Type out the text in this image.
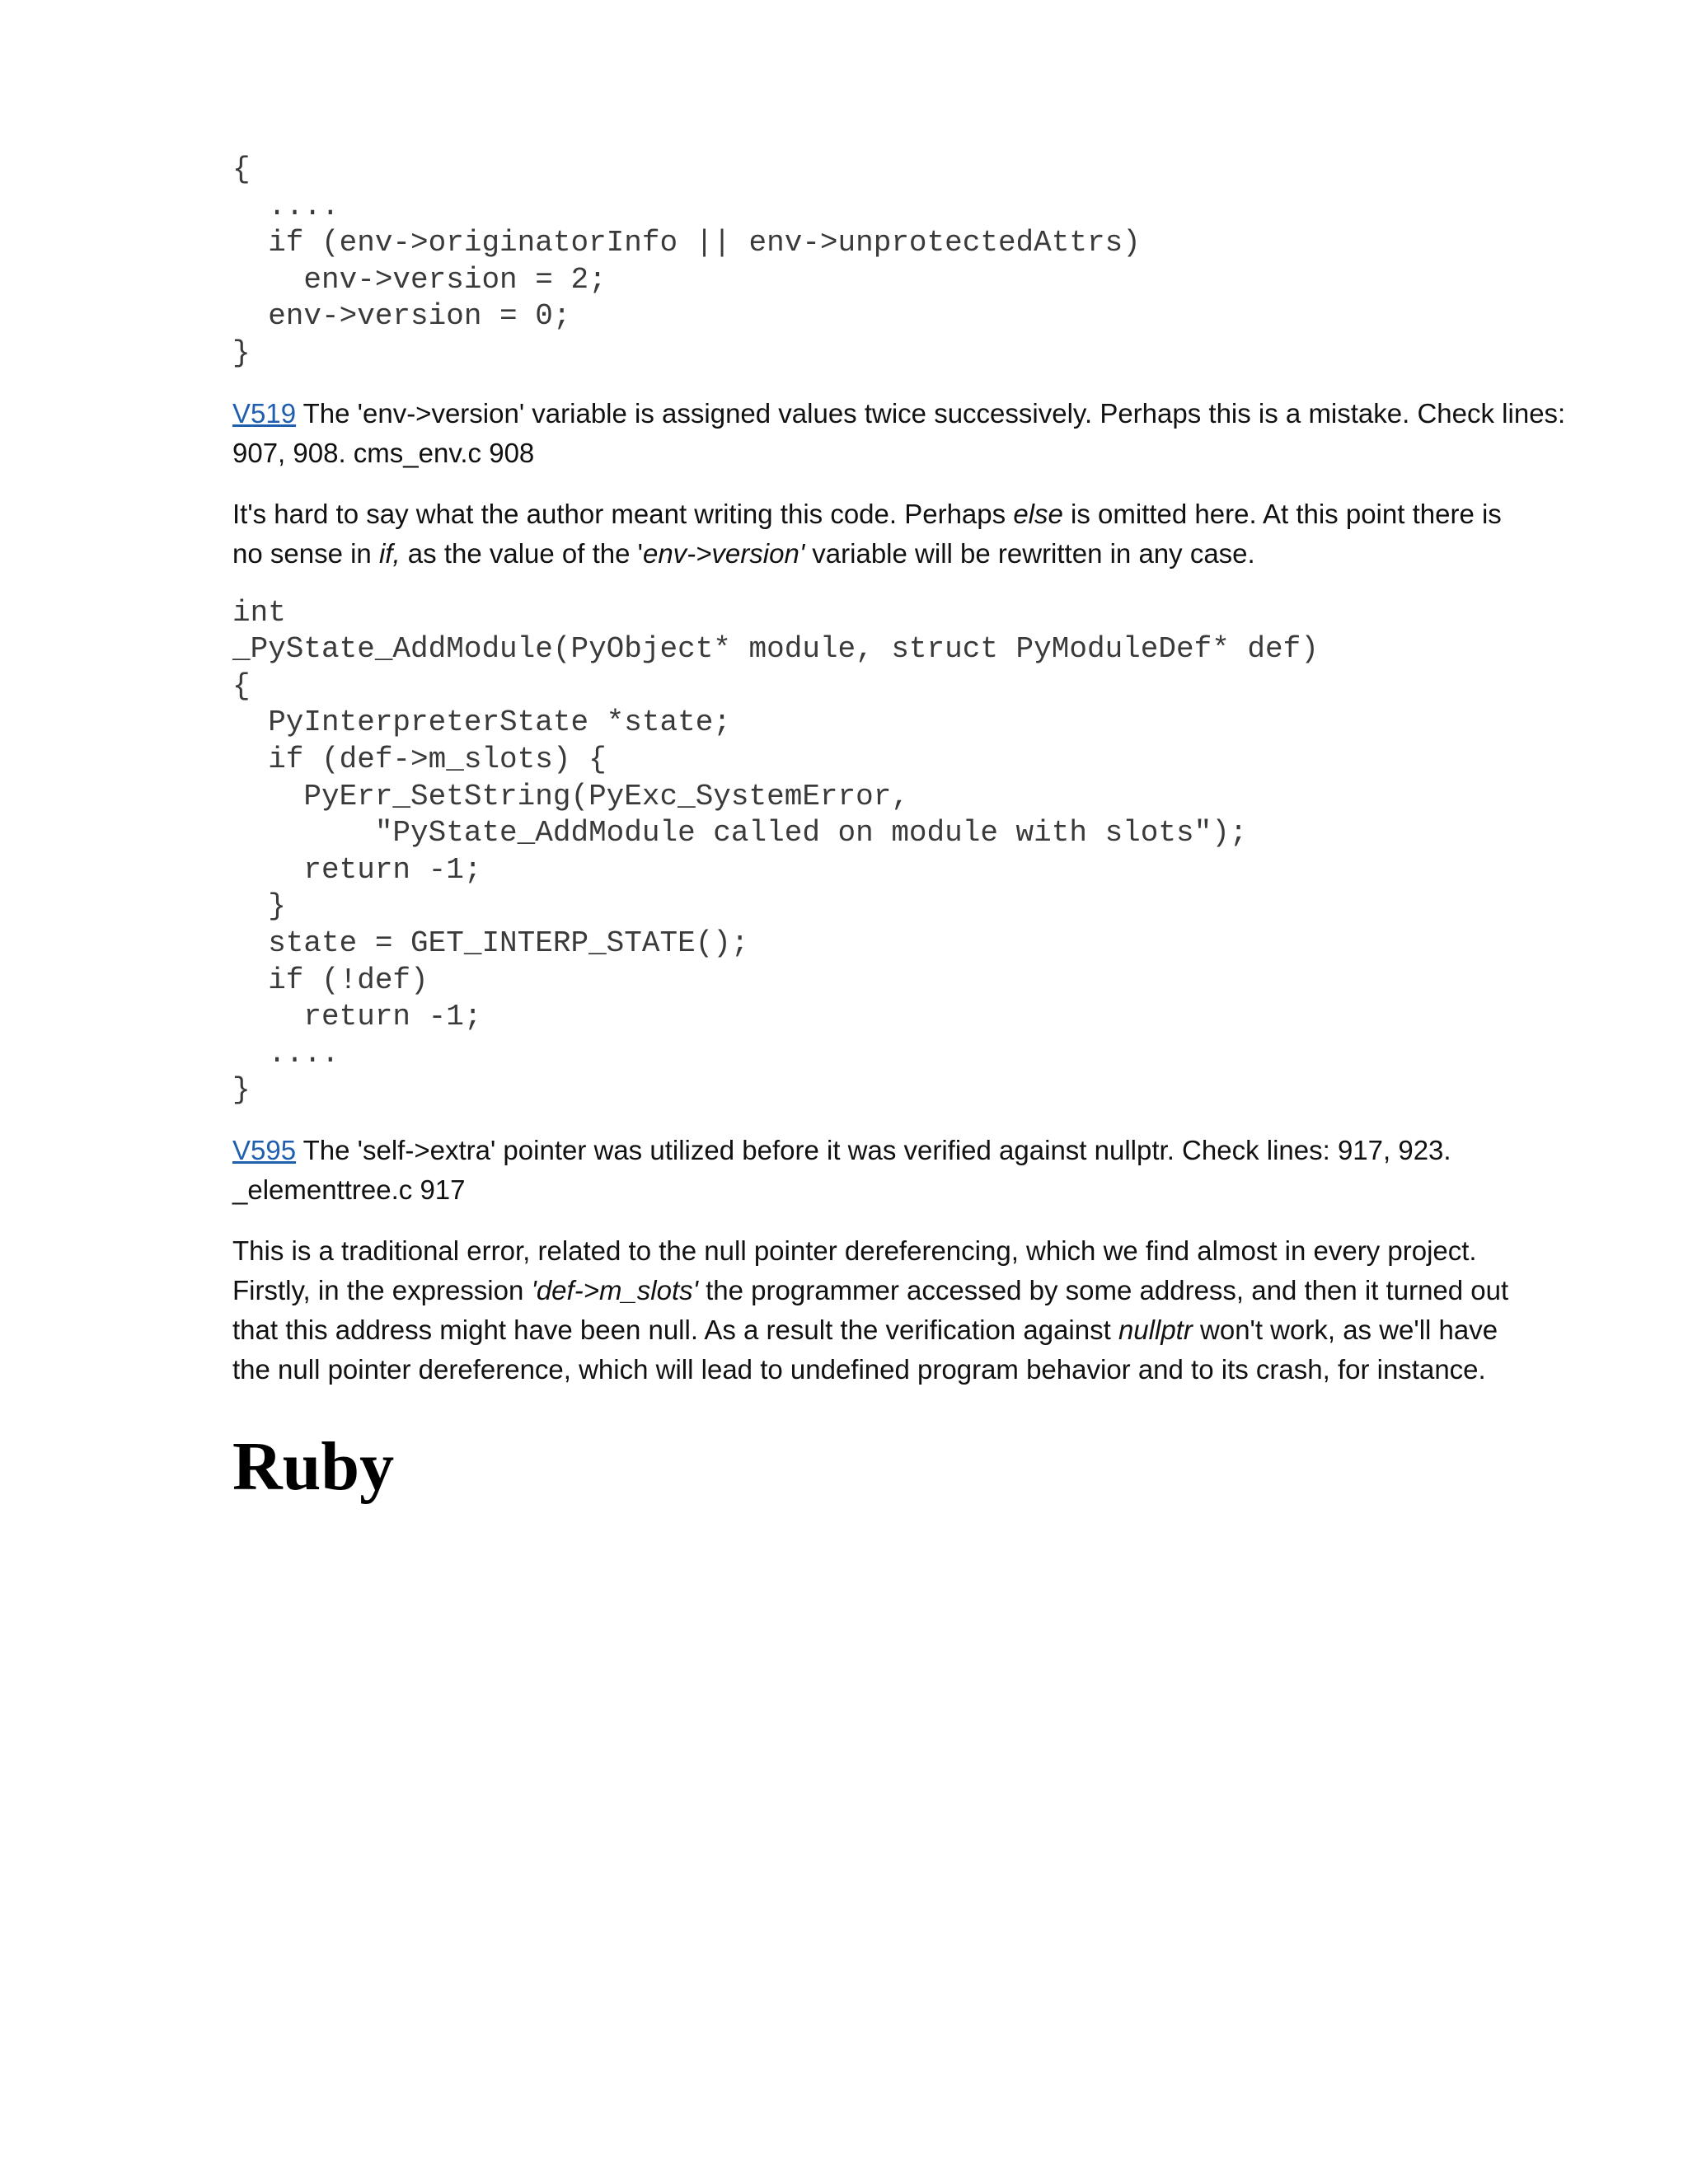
{
....
if (env->originatorInfo || env->unprotectedAttrs)
env->version = 2;
env->version = 0;
}

V519 The 'env->version' variable is assigned values twice successively. Perhaps this is a mistake. Check lines:
907, 908. cms_env.c 908

It's hard to say what the author meant writing this code. Perhaps else is omitted here. At this point there is
no sense in if, as the value of the 'env->version' variable will be rewritten in any case.

int
_PyState_AddModule(PyObject* module, struct PyModuleDef* def)
{
PyInterpreterState *state;
if (def->m_slots) {
PyErr_SetString(PyExc_SystemError,
"PyState_AddModule called on module with slots");
return -1;
}
state = GET_INTERP_STATE();
if (!def)
return -1;
....
}

V595 The 'self->extra' pointer was utilized before it was verified against nullptr. Check lines: 917, 923.
_elementtree.c 917

This is a traditional error, related to the null pointer dereferencing, which we find almost in every project.
Firstly, in the expression 'def->m_slots' the programmer accessed by some address, and then it turned out
that this address might have been null. As a result the verification against nullptr won't work, as we'll have
the null pointer dereference, which will lead to undefined program behavior and to its crash, for instance.

Ruby
